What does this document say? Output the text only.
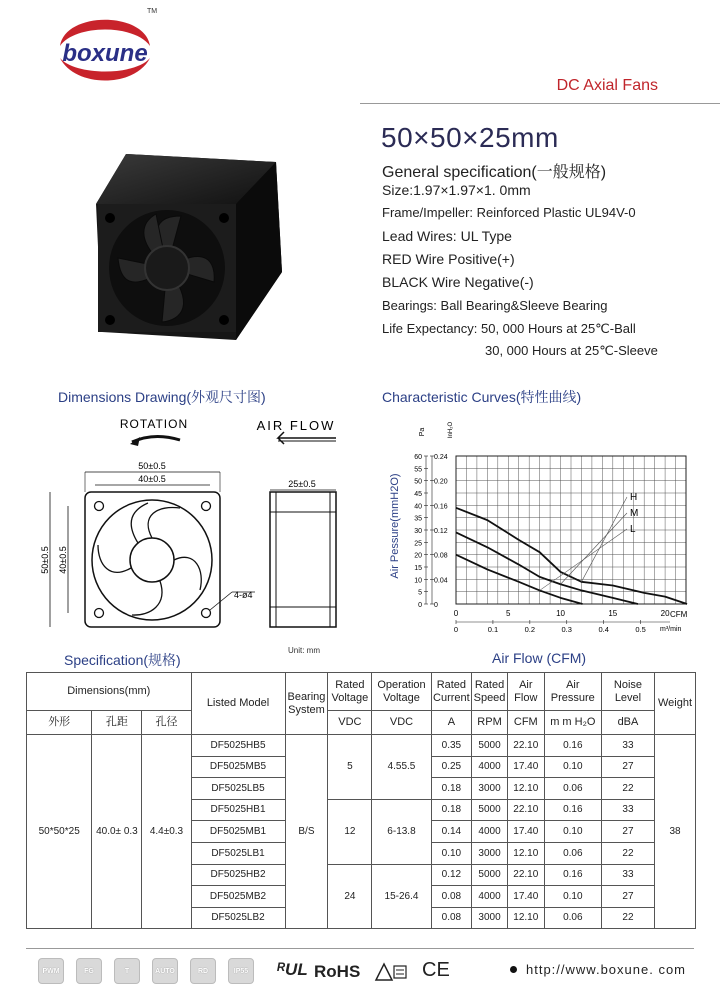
boxune
TM
DC Axial Fans
50×50×25mm
General specification(一般规格)
Size:1.97×1.97×1. 0mm
Frame/Impeller: Reinforced Plastic UL94V-0
Lead Wires: UL Type
RED Wire Positive(+)
BLACK Wire Negative(-)
Bearings: Ball Bearing&Sleeve Bearing
Life Expectancy: 50, 000 Hours at 25℃-Ball
30, 000 Hours at 25℃-Sleeve
Dimensions Drawing(外观尺寸图)	Characteristic Curves(特性曲线)
ROTATION	AIR FLOW
50±0.5
40±0.5
50±0.5 40±0.5
4-ø4
25±0.5
60
55
50
45
40
35
30
25
20
15
10
5
0
0.24
0.20
0.16
0.12
0.08
0.04
0
0	5	10	15	20
0	0.1	0.2	0.3	0.4	0.5
H
M
L
Air Pessure(mmH2O)
Pa	InH₂O
CFM
m³/min
Specification(规格)
Unit: mm	Air Flow (CFM)
Dimensions(mm)			Listed Model	Bearing System	Rated Voltage	Operation Voltage	Rated Current	Rated Speed	Air Flow	Air Pressure	Noise Level	Weight
外形	孔距	孔径			VDC	VDC	A	RPM	CFM	m m H₂O	dBA	
50*50*25	40.0± 0.3	4.4±0.3	DF5025HB5	B/S	5	4.55.5	0.35	5000	22.10	0.16	33	38
			DF5025MB5				0.25	4000	17.40	0.10	27	
			DF5025LB5				0.18	3000	12.10	0.06	22	
			DF5025HB1		12	6-13.8	0.18	5000	22.10	0.16	33	
			DF5025MB1				0.14	4000	17.40	0.10	27	
			DF5025LB1				0.10	3000	12.10	0.06	22	
			DF5025HB2		24	15-26.4	0.12	5000	22.10	0.16	33	
			DF5025MB2				0.08	4000	17.40	0.10	27	
			DF5025LB2				0.08	3000	12.10	0.06	22	
PWM	FG	T	AUTO	RD	IP55	ᴿUL RoHS	CE	http://www.boxune. com
